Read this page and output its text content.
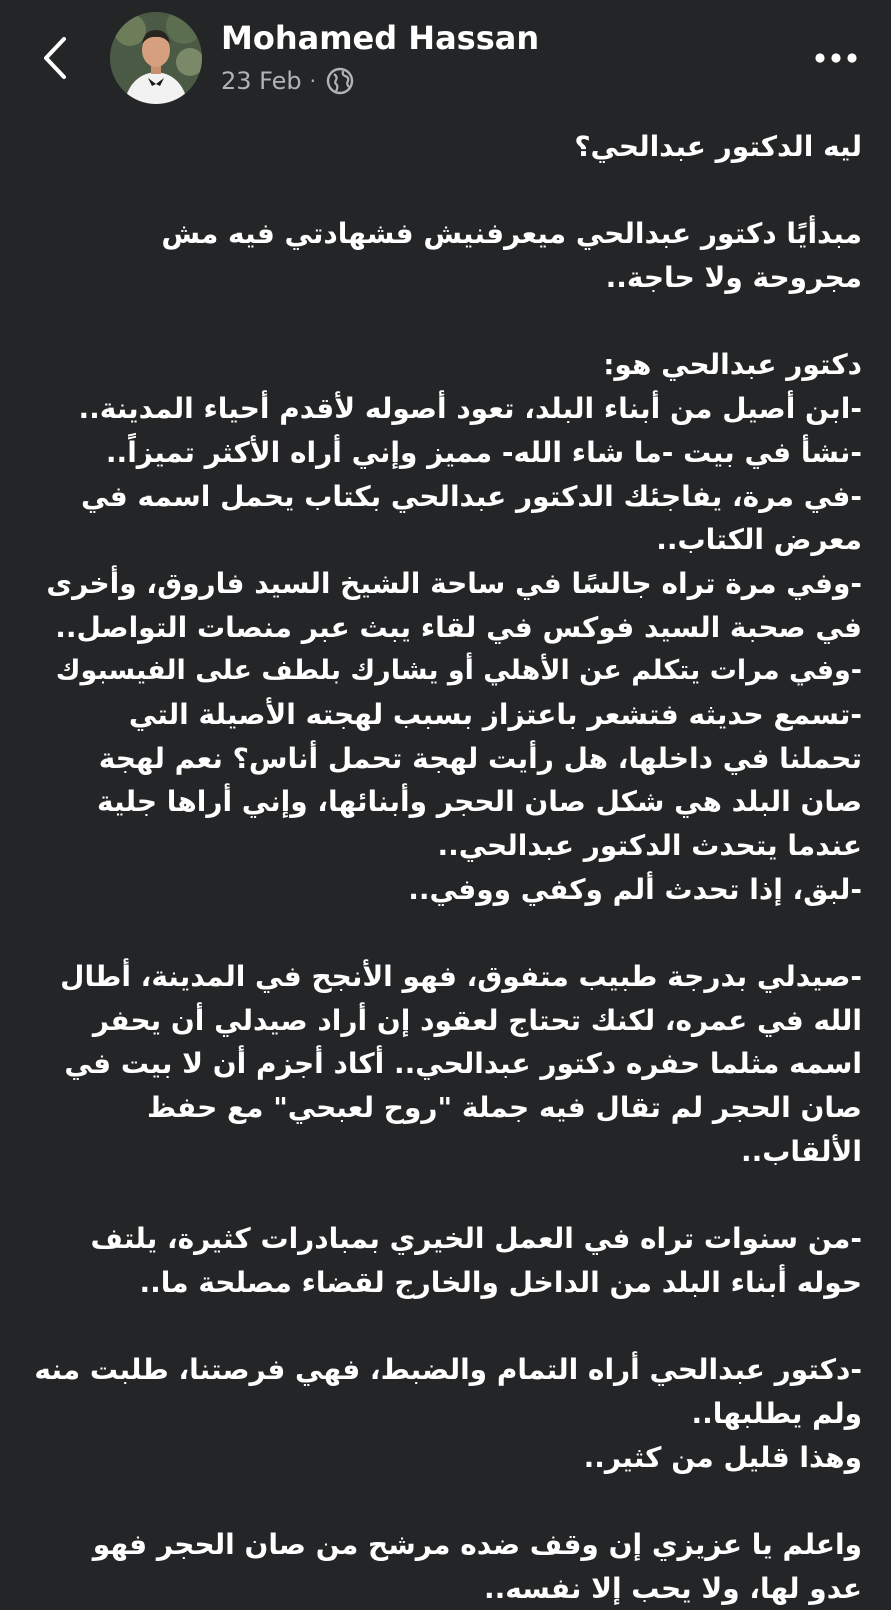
Mohamed Hassan
23 Feb ·
ليه الدكتور عبدالحي؟
مبدأيًا دكتور عبدالحي ميعرفنيش فشهادتي فيه مش
مجروحة ولا حاجة..
دكتور عبدالحي هو:
-ابن أصيل من أبناء البلد، تعود أصوله لأقدم أحياء المدينة..
-نشأ في بيت -ما شاء الله- مميز وإني أراه الأكثر تميزاً..
-في مرة، يفاجئك الدكتور عبدالحي بكتاب يحمل اسمه في
معرض الكتاب..
-وفي مرة تراه جالسًا في ساحة الشيخ السيد فاروق، وأخرى
في صحبة السيد فوكس في لقاء يبث عبر منصات التواصل..
-وفي مرات يتكلم عن الأهلي أو يشارك بلطف على الفيسبوك
-تسمع حديثه فتشعر باعتزاز بسبب لهجته الأصيلة التي
تحملنا في داخلها، هل رأيت لهجة تحمل أناس؟ نعم لهجة
صان البلد هي شكل صان الحجر وأبنائها، وإني أراها جلية
عندما يتحدث الدكتور عبدالحي..
-لبق، إذا تحدث ألم وكفي ووفي..
-صيدلي بدرجة طبيب متفوق، فهو الأنجح في المدينة، أطال
الله في عمره، لكنك تحتاج لعقود إن أراد صيدلي أن يحفر
اسمه مثلما حفره دكتور عبدالحي.. أكاد أجزم أن لا بيت في
صان الحجر لم تقال فيه جملة "روح لعبحي" مع حفظ
الألقاب..
-من سنوات تراه في العمل الخيري بمبادرات كثيرة، يلتف
حوله أبناء البلد من الداخل والخارج لقضاء مصلحة ما..
-دكتور عبدالحي أراه التمام والضبط، فهي فرصتنا، طلبت منه
ولم يطلبها..
وهذا قليل من كثير..
واعلم يا عزيزي إن وقف ضده مرشح من صان الحجر فهو
عدو لها، ولا يحب إلا نفسه..
